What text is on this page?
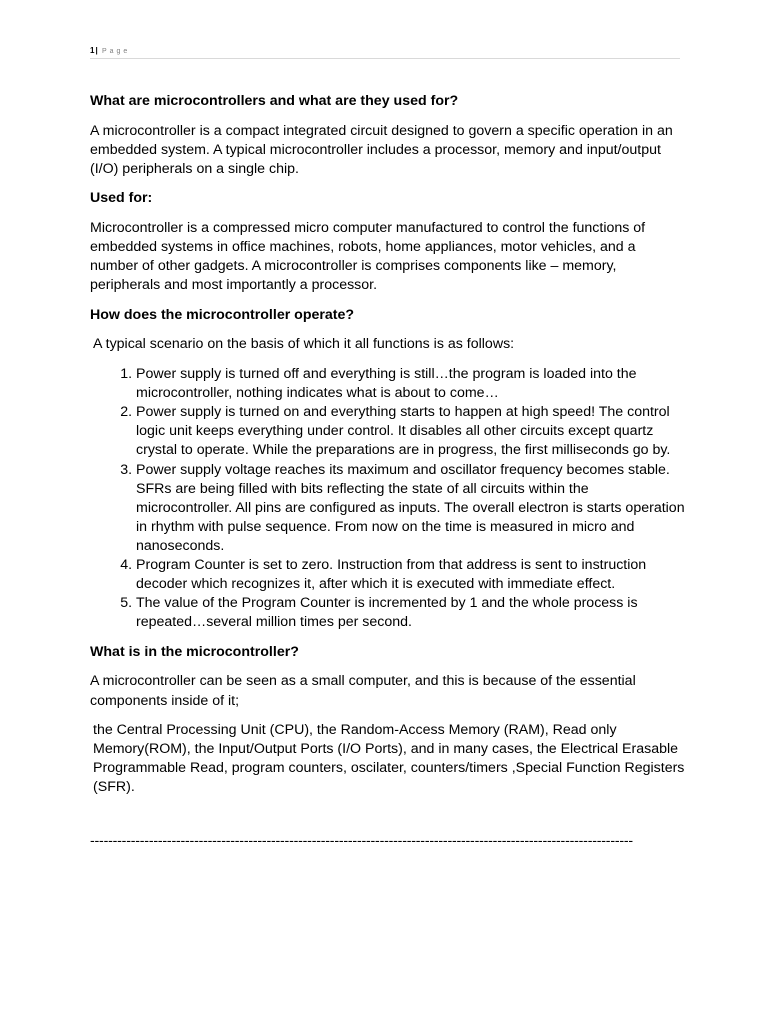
1| Page
What are microcontrollers and what are they used for?

A microcontroller is a compact integrated circuit designed to govern a specific operation in an embedded system. A typical microcontroller includes a processor, memory and input/output (I/O) peripherals on a single chip.

Used for:

Microcontroller is a compressed micro computer manufactured to control the functions of embedded systems in office machines, robots, home appliances, motor vehicles, and a number of other gadgets. A microcontroller is comprises components like – memory, peripherals and most importantly a processor.

How does the microcontroller operate?

A typical scenario on the basis of which it all functions is as follows:

1. Power supply is turned off and everything is still…the program is loaded into the microcontroller, nothing indicates what is about to come…
2. Power supply is turned on and everything starts to happen at high speed! The control logic unit keeps everything under control. It disables all other circuits except quartz crystal to operate. While the preparations are in progress, the first milliseconds go by.
3. Power supply voltage reaches its maximum and oscillator frequency becomes stable. SFRs are being filled with bits reflecting the state of all circuits within the microcontroller. All pins are configured as inputs. The overall electron is starts operation in rhythm with pulse sequence. From now on the time is measured in micro and nanoseconds.
4. Program Counter is set to zero. Instruction from that address is sent to instruction decoder which recognizes it, after which it is executed with immediate effect.
5. The value of the Program Counter is incremented by 1 and the whole process is repeated…several million times per second.
What is in the microcontroller?

A microcontroller can be seen as a small computer, and this is because of the essential components inside of it;

the Central Processing Unit (CPU), the Random-Access Memory (RAM), Read only Memory(ROM), the Input/Output Ports (I/O Ports), and in many cases, the Electrical Erasable Programmable Read, program counters, oscilater, counters/timers ,Special Function Registers (SFR).

------------------------------------------------------------------------------------------------------------------------
